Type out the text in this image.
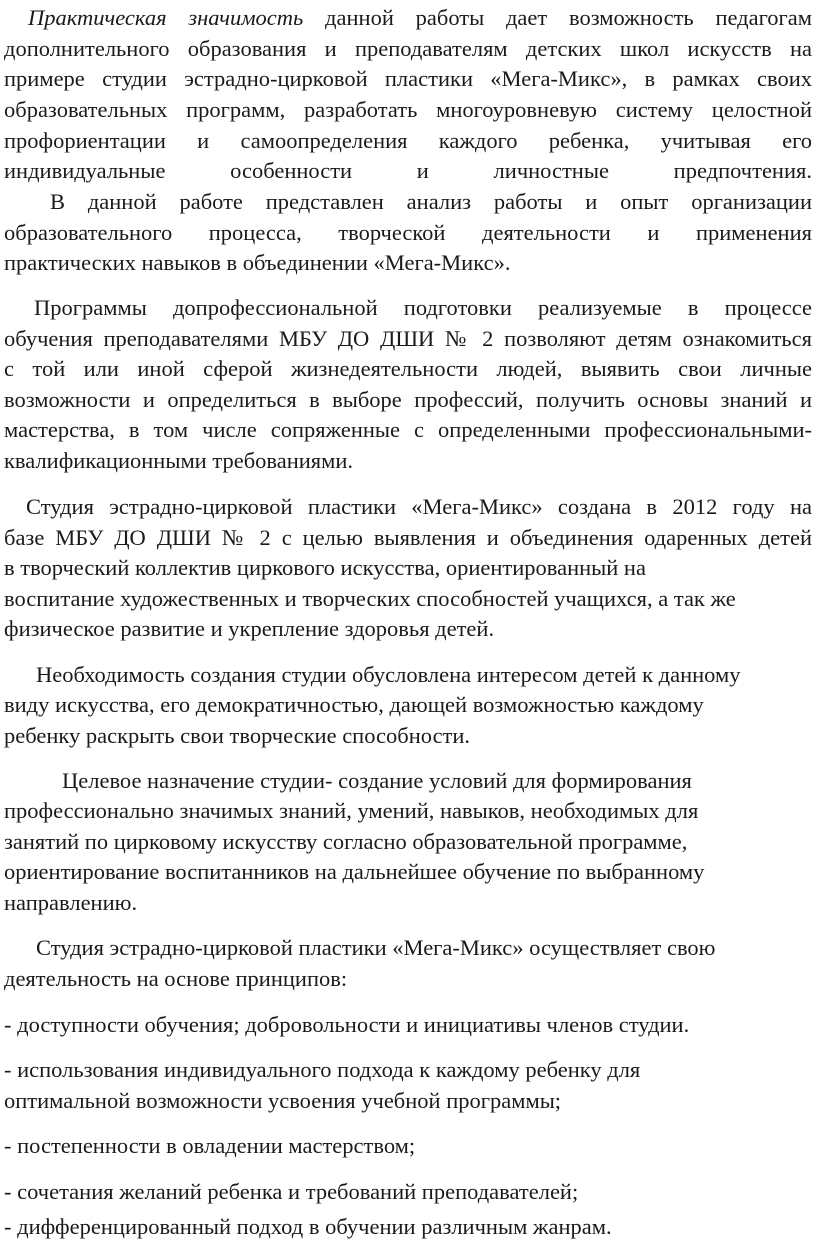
Практическая значимость данной работы дает возможность педагогам
дополнительного образования и преподавателям детских школ искусств на
примере студии эстрадно-цирковой пластики «Мега-Микс», в рамках своих
образовательных программ, разработать многоуровневую систему целостной
профориентации и самоопределения каждого ребенка, учитывая его
индивидуальные особенности и личностные предпочтения.
В данной работе представлен анализ работы и опыт организации
образовательного процесса, творческой деятельности и применения
практических навыков в объединении «Мега-Микс».
Программы допрофессиональной подготовки реализуемые в процессе
обучения преподавателями МБУ ДО ДШИ № 2 позволяют детям ознакомиться
с той или иной сферой жизнедеятельности людей, выявить свои личные
возможности и определиться в выборе профессий, получить основы знаний и
мастерства, в том числе сопряженные с определенными профессиональными-
квалификационными требованиями.
Студия эстрадно-цирковой пластики «Мега-Микс» создана в 2012 году на
базе МБУ ДО ДШИ № 2 с целью выявления и объединения одаренных детей
в творческий коллектив циркового искусства, ориентированный на
воспитание художественных и творческих способностей учащихся, а так же
физическое развитие и укрепление здоровья детей.
Необходимость создания студии обусловлена интересом детей к данному
виду искусства, его демократичностью, дающей возможностью каждому
ребенку раскрыть свои творческие способности.
Целевое назначение студии- создание условий для формирования
профессионально значимых знаний, умений, навыков, необходимых для
занятий по цирковому искусству согласно образовательной программе,
ориентирование воспитанников на дальнейшее обучение по выбранному
направлению.
Студия эстрадно-цирковой пластики «Мега-Микс» осуществляет свою
деятельность на основе принципов:
- доступности обучения; добровольности и инициативы членов студии.
- использования индивидуального подхода к каждому ребенку для
оптимальной возможности усвоения учебной программы;
- постепенности в овладении мастерством;
- сочетания желаний ребенка и требований преподавателей;
- дифференцированный подход в обучении различным жанрам.
